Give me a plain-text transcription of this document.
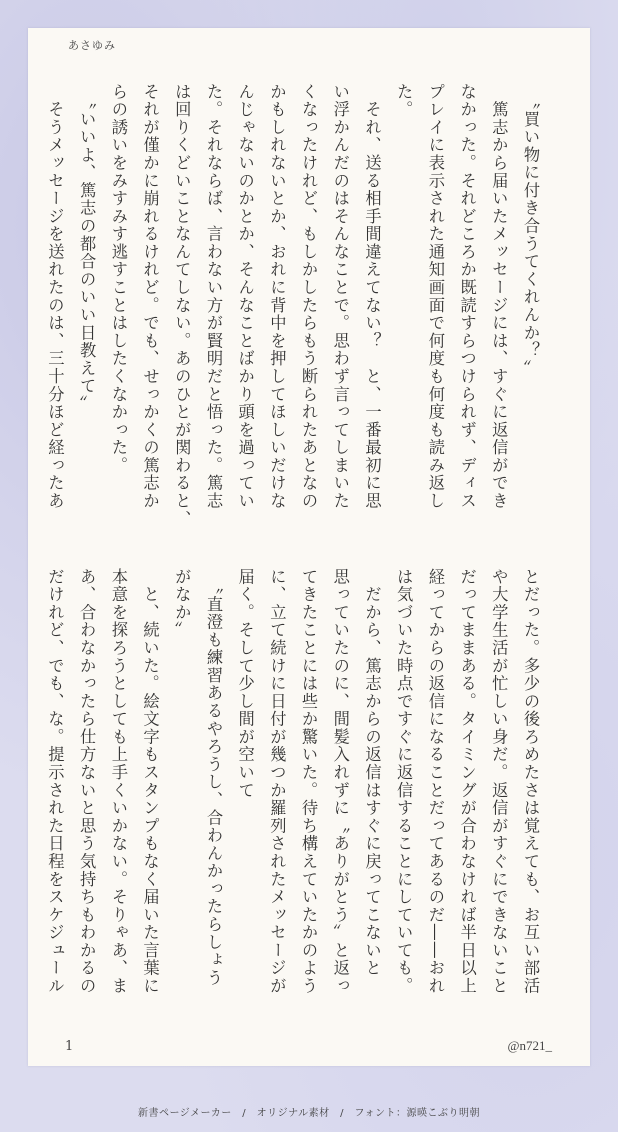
あさゆみ
　〝買い物に付き合うてくれんか？〟
　篤志から届いたメッセージには、すぐに返信ができ
なかった。それどころか既読すらつけられず、ディス
プレイに表示された通知画面で何度も何度も読み返し
た。
　それ、送る相手間違えてない？　と、一番最初に思
い浮かんだのはそんなことで。思わず言ってしまいた
くなったけれど、もしかしたらもう断られたあとなの
かもしれないとか、おれに背中を押してほしいだけな
んじゃないのかとか、そんなことばかり頭を過ってい
た。それならば、言わない方が賢明だと悟った。篤志
は回りくどいことなんてしない。あのひとが関わると、
それが僅かに崩れるけれど。でも、せっかくの篤志か
らの誘いをみすみす逃すことはしたくなかった。
　〝いいよ、篤志の都合のいい日教えて〟
　そうメッセージを送れたのは、三十分ほど経ったあ
とだった。多少の後ろめたさは覚えても、お互い部活
や大学生活が忙しい身だ。返信がすぐにできないこと
だってままある。タイミングが合わなければ半日以上
経ってからの返信になることだってあるのだ――おれ
は気づいた時点ですぐに返信することにしていても。
　だから、篤志からの返信はすぐに戻ってこないと
思っていたのに、間髪入れずに〝ありがとう〟と返っ
てきたことには些か驚いた。待ち構えていたかのよう
に、立て続けに日付が幾つか羅列されたメッセージが
届く。そして少し間が空いて
　〝直澄も練習あるやろうし、合わんかったらしょう
がなか〟
　と、続いた。絵文字もスタンプもなく届いた言葉に
本意を探ろうとしても上手くいかない。そりゃあ、ま
あ、合わなかったら仕方ないと思う気持ちもわかるの
だけれど、でも、な。提示された日程をスケジュール
1	@n721_
新書ページメーカー　/　オリジナル素材　/　フォント：源暎こぶり明朝
